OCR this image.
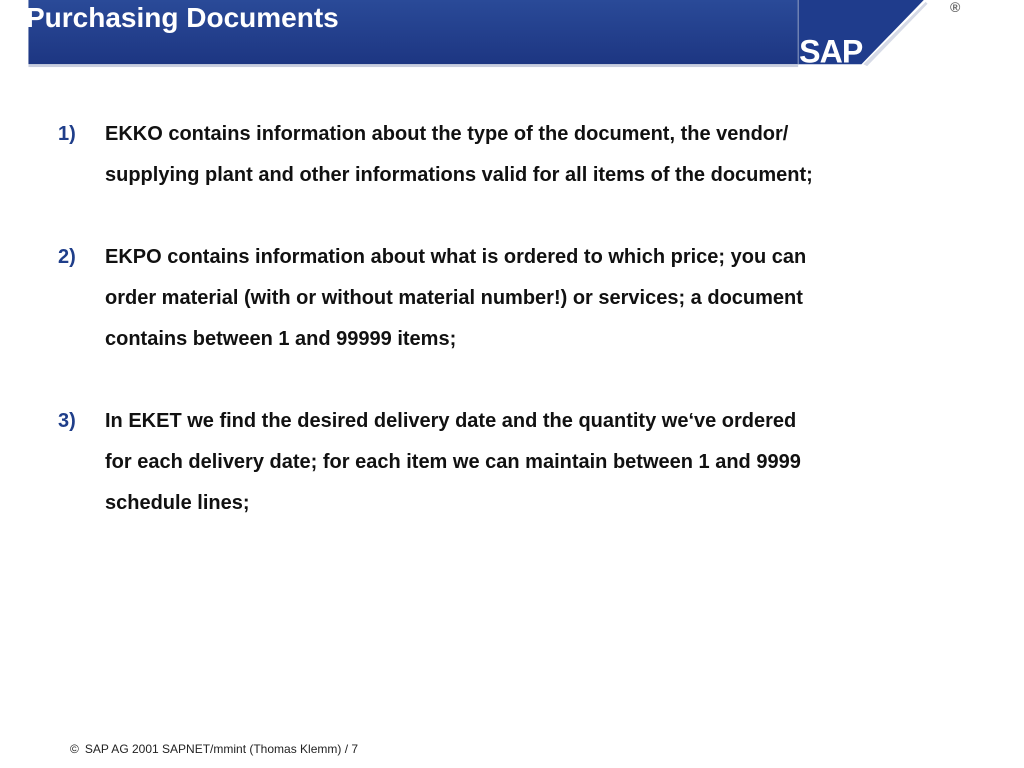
SAP
Purchasing Documents	®
1) EKKO contains information about the type of the document, the vendor/
supplying plant and other informations valid for all items of the document;
2) EKPO contains information about what is ordered to which price; you can
order material (with or without material number!) or services; a document
contains between 1 and 99999 items;
3) In EKET we find the desired delivery date and the quantity we‘ve ordered
for each delivery date; for each item we can maintain between 1 and 9999
schedule lines;
© SAP AG 2001 SAPNET/mmint (Thomas Klemm) / 7
